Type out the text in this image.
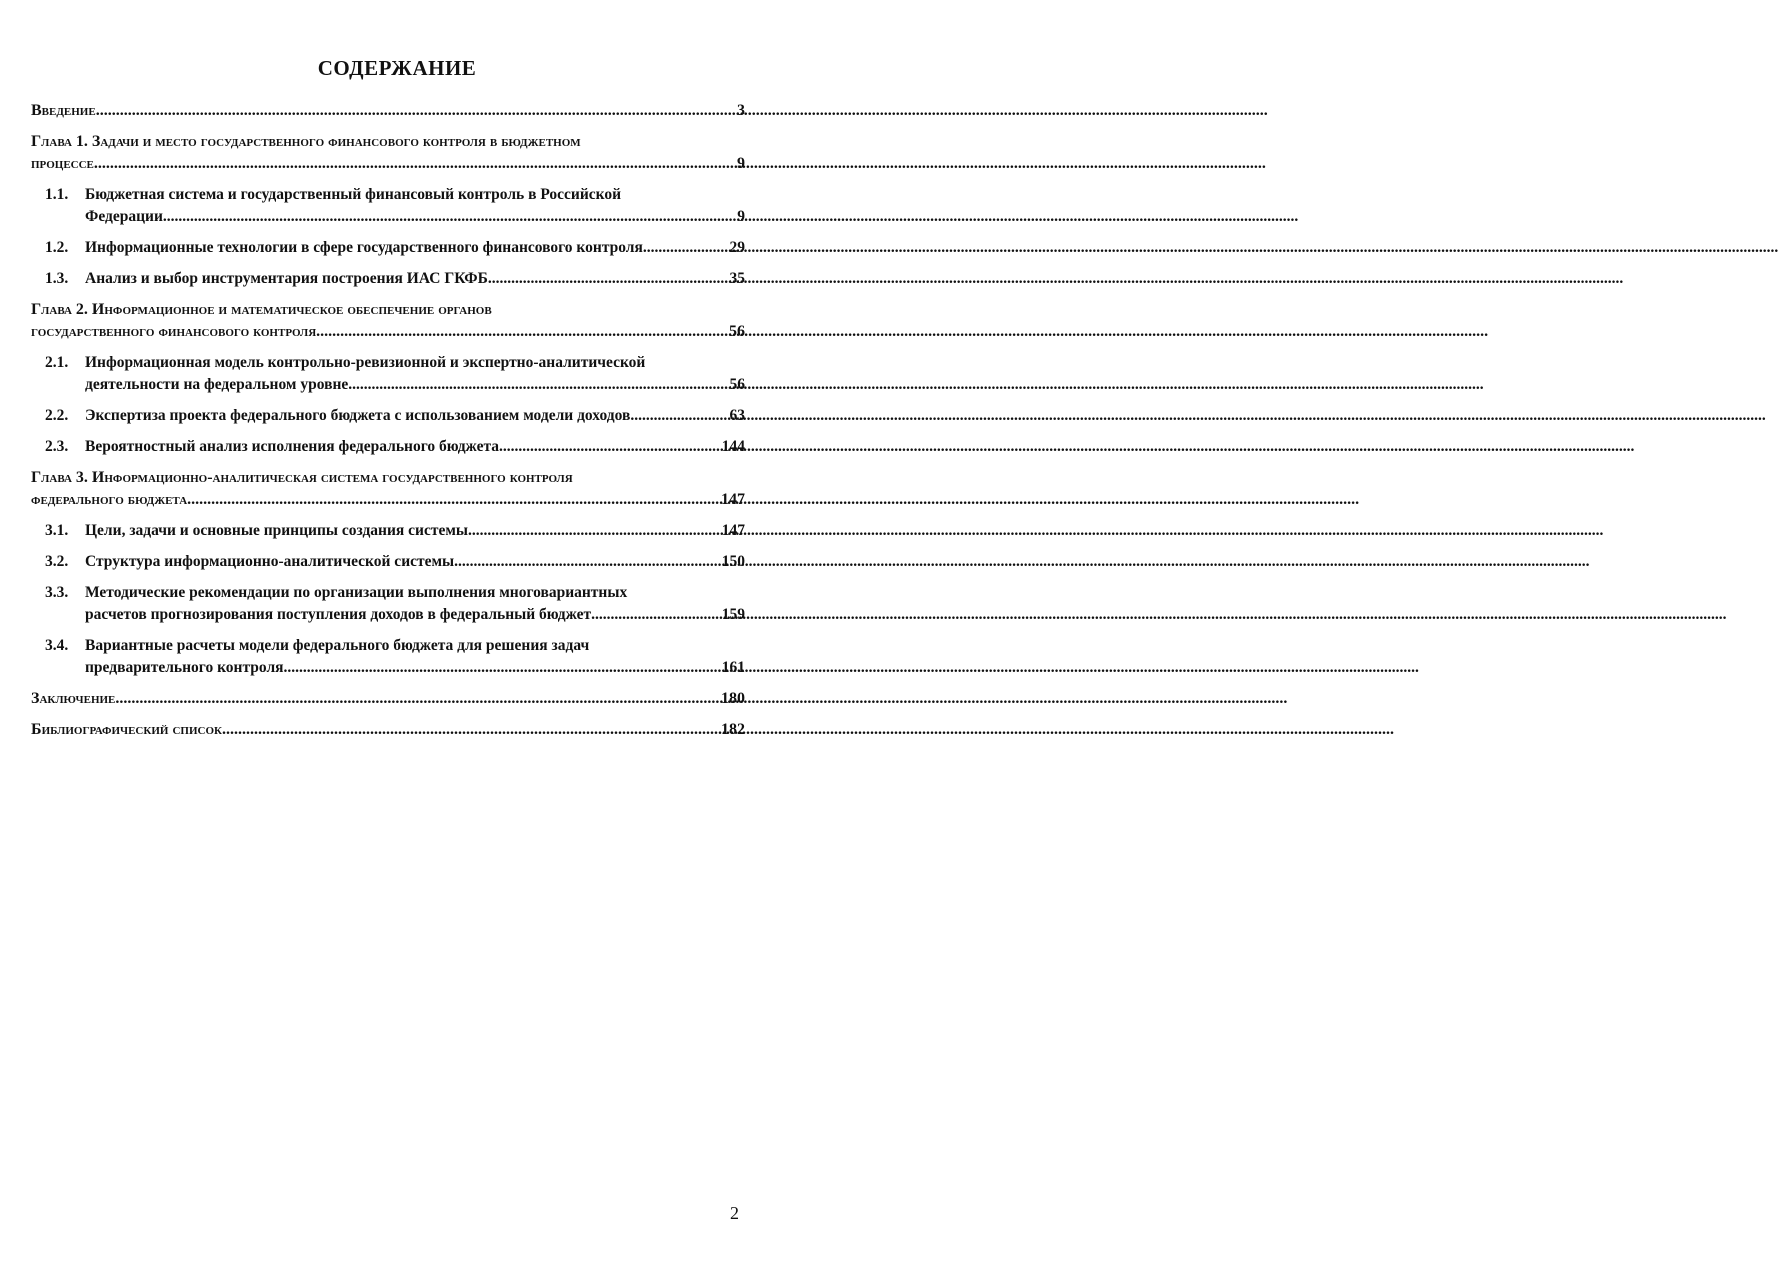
СОДЕРЖАНИЕ
Введение .....	3
Глава 1. Задачи и место государственного финансового контроля в бюджетном
процессе .....	9
1.1.	Бюджетная система и государственный финансовый контроль в Российской
Федерации .....	9
1.2.	Информационные технологии в сфере государственного финансового контроля .....	29
1.3.	Анализ и выбор инструментария построения ИАС ГКФБ .....	35
Глава 2. Информационное и математическое обеспечение органов
государственного финансового контроля .....	56
2.1.	Информационная модель контрольно-ревизионной и экспертно-аналитической
деятельности на федеральном уровне .....	56
2.2.	Экспертиза проекта федерального бюджета с использованием модели доходов .....	63
2.3.	Вероятностный анализ исполнения федерального бюджета .....	144
Глава 3. Информационно-аналитическая система государственного контроля
федерального бюджета .....	147
3.1.	Цели, задачи и основные принципы создания системы .....	147
3.2.	Структура информационно-аналитической системы .....	150
3.3.	Методические рекомендации по организации выполнения многовариантных
расчетов прогнозирования поступления доходов в федеральный бюджет .....	159
3.4.	Вариантные расчеты модели федерального бюджета для решения задач
предварительного контроля .....	161
Заключение .....	180
Библиографический список .....	182
2
